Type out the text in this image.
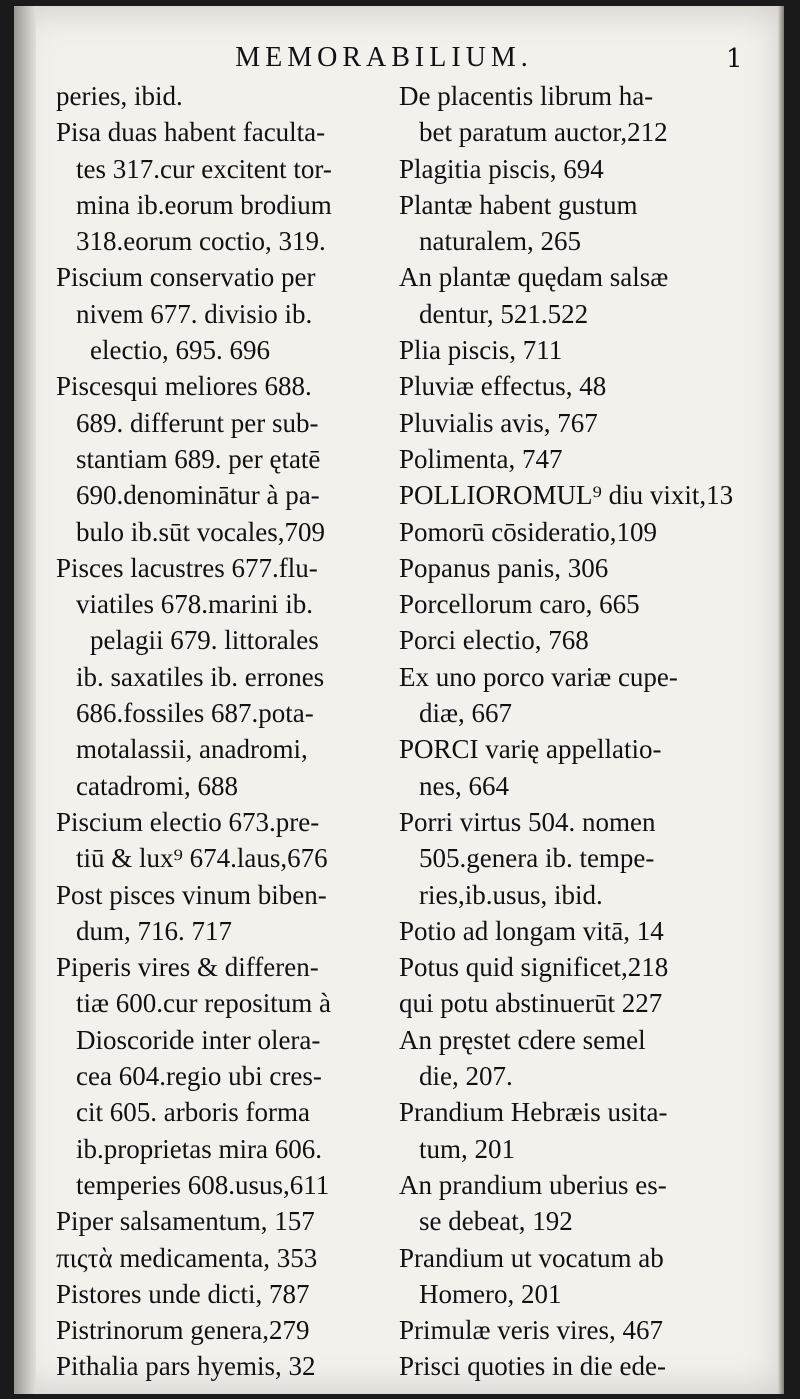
MEMORABILIUM.	1
peries, ibid.
Pisa duas habent faculta-
tes 317.cur excitent tor-
mina ib.eorum brodium
318.eorum coctio, 319.
Piscium conservatio per
nivem 677. divisio ib.
electio, 695. 696
Piscesqui meliores 688.
689. differunt per sub-
stantiam 689. per ętatē
690.denominātur à pa-
bulo ib.sūt vocales,709
Pisces lacustres 677.flu-
viatiles 678.marini ib.
pelagii 679. littorales
ib. saxatiles ib. errones
686.fossiles 687.pota-
motalassii, anadromi,
catadromi, 688
Piscium electio 673.pre-
tiū & lux⁹ 674.laus,676
Post pisces vinum biben-
dum, 716. 717
Piperis vires & differen-
tiæ 600.cur repositum à
Dioscoride inter olera-
cea 604.regio ubi cres-
cit 605. arboris forma
ib.proprietas mira 606.
temperies 608.usus,611
Piper salsamentum, 157
πιςτὰ medicamenta, 353
Pistores unde dicti, 787
Pistrinorum genera,279
Pithalia pars hyemis, 32
De placentis librum ha-
bet paratum auctor,212
Plagitia piscis, 694
Plantæ habent gustum
naturalem, 265
An plantæ quędam salsæ
dentur, 521.522
Plia piscis, 711
Pluviæ effectus, 48
Pluvialis avis, 767
Polimenta, 747
POLLIOROMUL⁹ diu vixit,13
Pomorū cōsideratio,109
Popanus panis, 306
Porcellorum caro, 665
Porci electio, 768
Ex uno porco variæ cupe-
diæ, 667
PORCI varię appellatio-
nes, 664
Porri virtus 504. nomen
505.genera ib. tempe-
ries,ib.usus, ibid.
Potio ad longam vitā, 14
Potus quid significet,218
qui potu abstinuerūt 227
An pręstet cdere semel
die, 207.
Prandium Hebræis usita-
tum, 201
An prandium uberius es-
se debeat, 192
Prandium ut vocatum ab
Homero, 201
Primulæ veris vires, 467
Prisci quoties in die ede-
